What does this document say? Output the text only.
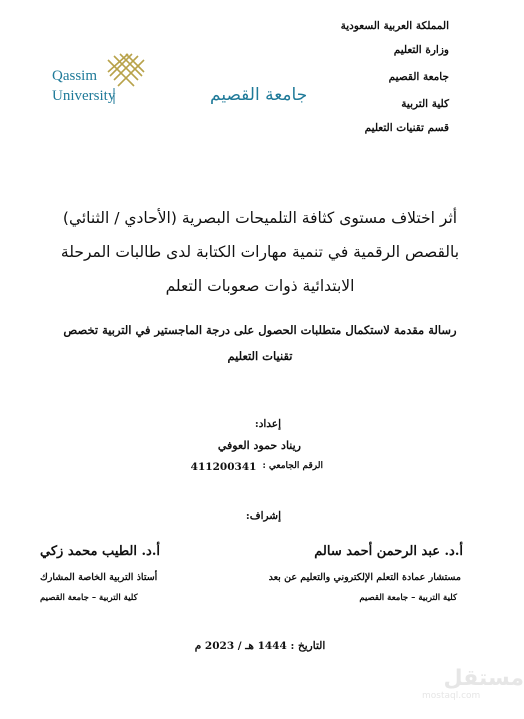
المملكة العربية السعودية
وزارة التعليم
جامعة القصيم
كلية التربية
قسم تقنيات التعليم
Qassim
University	جامعة القصيم
أثر اختلاف مستوى كثافة التلميحات البصرية (الأحادي / الثنائي)
بالقصص الرقمية في تنمية مهارات الكتابة لدى طالبات المرحلة
الابتدائية ذوات صعوبات التعلم
رسالة مقدمة لاستكمال متطلبات الحصول على درجة الماجستير في التربية تخصص
تقنيات التعليم
إعداد:
ريناد حمود العوفي
الرقم الجامعي :
411200341
إشراف:
أ.د. عبد الرحمن أحمد سالم
مستشار عمادة التعلم الإلكتروني والتعليم عن بعد
كلية التربية – جامعة القصيم
أ.د. الطيب محمد زكي
أستاذ التربية الخاصة المشارك
كلية التربية – جامعة القصيم
التاريخ : 1444 هـ / 2023 م
مستقل
mostaql.com
